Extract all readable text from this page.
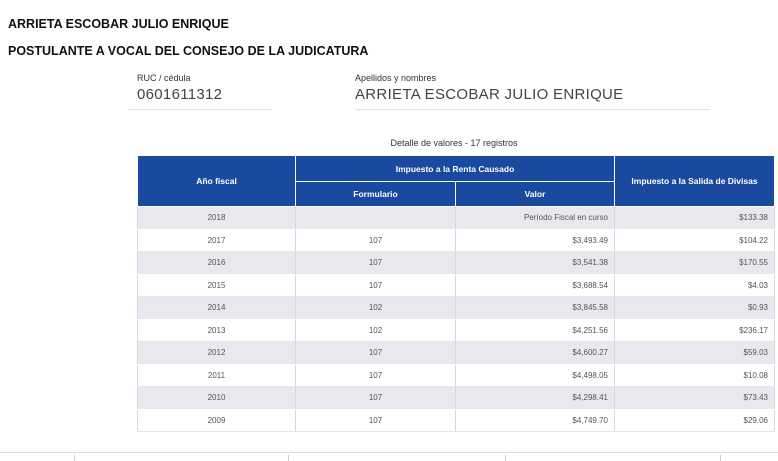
ARRIETA ESCOBAR JULIO ENRIQUE
POSTULANTE A VOCAL DEL CONSEJO DE LA JUDICATURA
RUC / cédula
0601611312
Apellidos y nombres
ARRIETA ESCOBAR JULIO ENRIQUE
Detalle de valores - 17 registros
Año fiscal	Impuesto a la Renta Causado		Impuesto a la Salida de Divisas
	Formulario	Valor	
2018		Período Fiscal en curso	$133.38
2017	107	$3,493.49	$104.22
2016	107	$3,541.38	$170.55
2015	107	$3,688.54	$4.03
2014	102	$3,845.58	$0.93
2013	102	$4,251.56	$236.17
2012	107	$4,600.27	$59.03
2011	107	$4,498.05	$10.08
2010	107	$4,298.41	$73.43
2009	107	$4,749.70	$29.06
